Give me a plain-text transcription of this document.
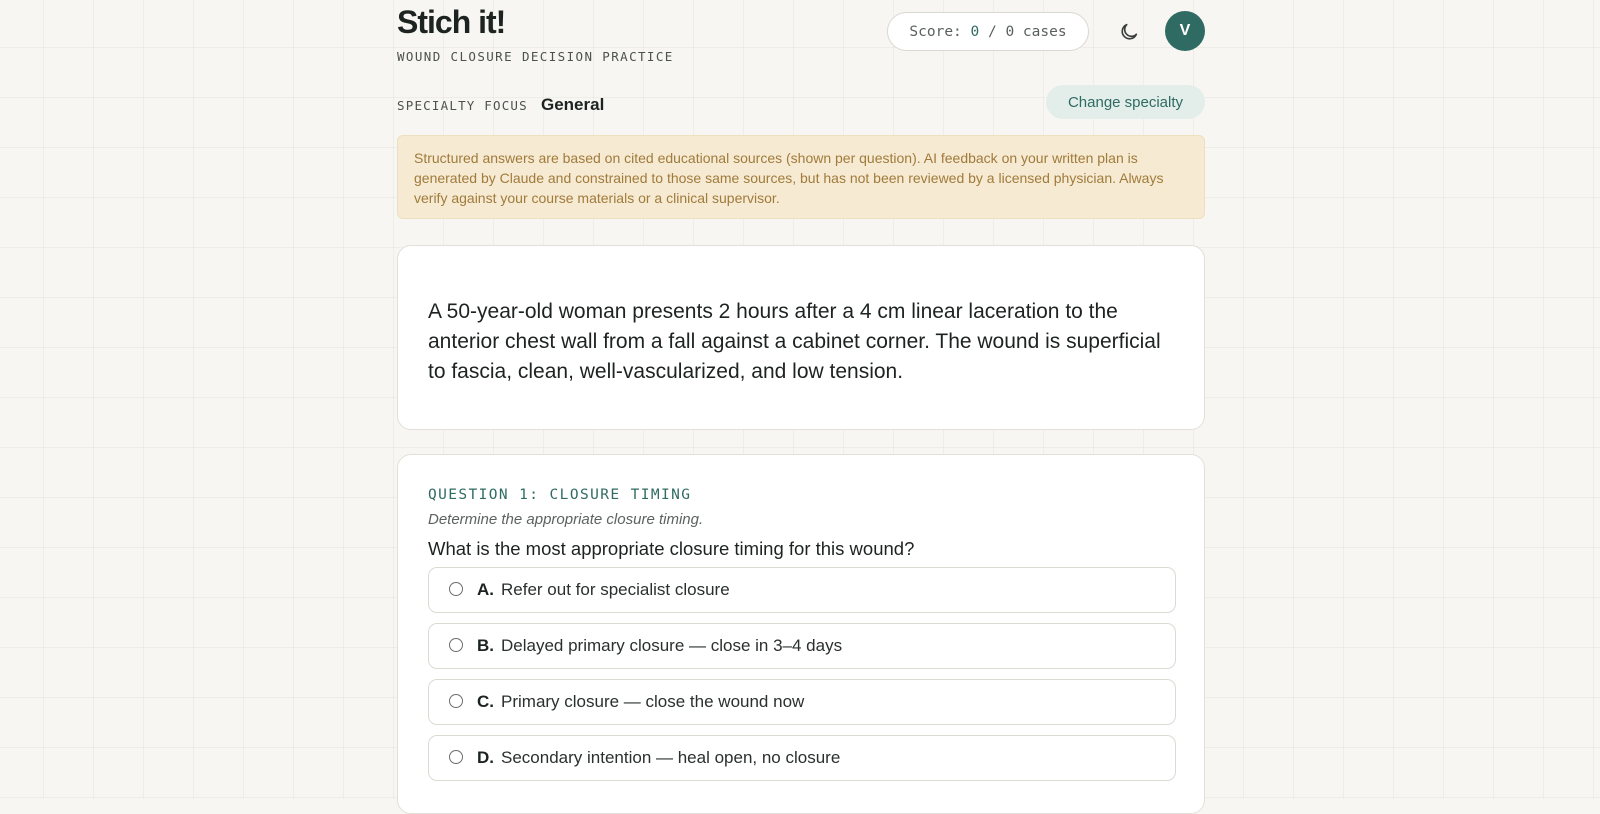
Stich it!
WOUND CLOSURE DECISION PRACTICE
Score: 0 / 0 cases	V
SPECIALTY FOCUS General	Change specialty
Structured answers are based on cited educational sources (shown per question). AI feedback on your written plan is generated by Claude and constrained to those same sources, but has not been reviewed by a licensed physician. Always verify against your course materials or a clinical supervisor.

A 50-year-old woman presents 2 hours after a 4 cm linear laceration to the anterior chest wall from a fall against a cabinet corner. The wound is superficial to fascia, clean, well-vascularized, and low tension.

QUESTION 1: CLOSURE TIMING
Determine the appropriate closure timing.
What is the most appropriate closure timing for this wound?
A. Refer out for specialist closure
B. Delayed primary closure — close in 3–4 days
C. Primary closure — close the wound now
D. Secondary intention — heal open, no closure
